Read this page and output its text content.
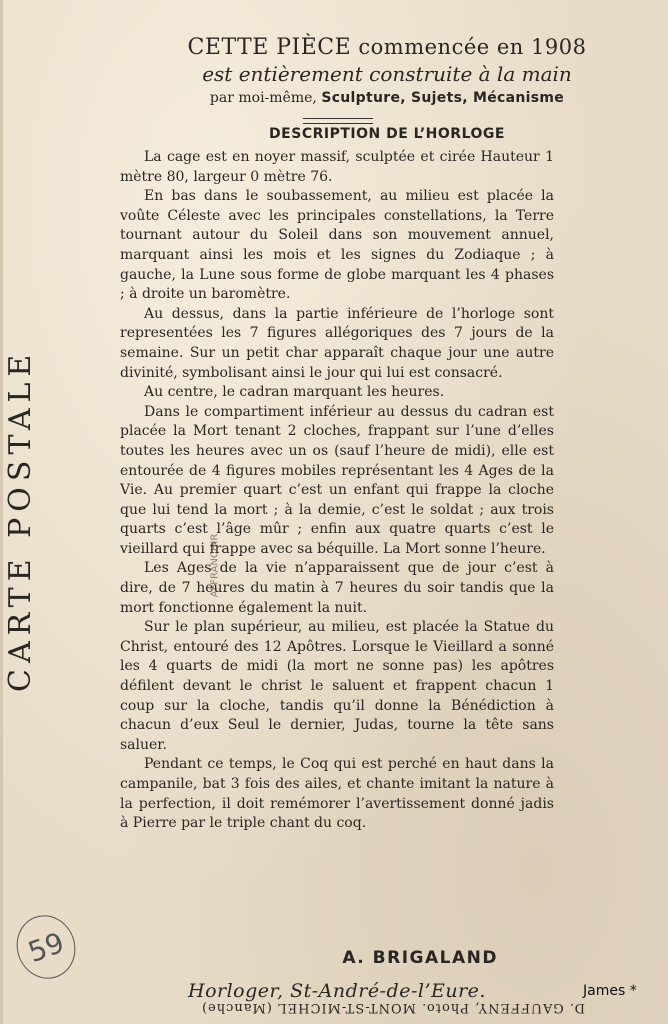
CETTE PIÈCE commencée en 1908
est entièrement construite à la main
par moi-même, Sculpture, Sujets, Mécanisme
DESCRIPTION DE L’HORLOGE

La cage est en noyer massif, sculptée et cirée Hauteur 1 mètre 80, largeur 0 mètre 76.

En bas dans le soubassement, au milieu est placée la voûte Céleste avec les principales constellations, la Terre tournant autour du Soleil dans son mouvement annuel, marquant ainsi les mois et les signes du Zodiaque ; à gauche, la Lune sous forme de globe marquant les 4 phases ; à droite un baromètre.

Au dessus, dans la partie inférieure de l’horloge sont representées les 7 figures allégoriques des 7 jours de la semaine. Sur un petit char apparaît chaque jour une autre divinité, symbolisant ainsi le jour qui lui est consacré.

Au centre, le cadran marquant les heures.

Dans le compartiment inférieur au dessus du cadran est placée la Mort tenant 2 cloches, frappant sur l’une d’elles toutes les heures avec un os (sauf l’heure de midi), elle est entourée de 4 figures mobiles représentant les 4 Ages de la Vie. Au premier quart c’est un enfant qui frappe la cloche que lui tend la mort ; à la demie, c’est le soldat ; aux trois quarts c’est l’âge mûr ; enfin aux quatre quarts c’est le vieillard qui frappe avec sa béquille. La Mort sonne l’heure.

Les Ages de la vie n’apparaissent que de jour c’est à dire, de 7 heures du matin à 7 heures du soir tandis que la mort fonctionne également la nuit.

Sur le plan supérieur, au milieu, est placée la Statue du Christ, entouré des 12 Apôtres. Lorsque le Vieillard a sonné les 4 quarts de midi (la mort ne sonne pas) les apôtres défilent devant le christ le saluent et frappent chacun 1 coup sur la cloche, tandis qu’il donne la Bénédiction à chacun d’eux Seul le dernier, Judas, tourne la tête sans saluer.

Pendant ce temps, le Coq qui est perché en haut dans la campanile, bat 3 fois des ailes, et chante imitant la nature à la perfection, il doit remémorer l’avertissement donné jadis à Pierre par le triple chant du coq.

A. BRIGALAND
Horloger, St-André-de-l’Eure.	James *
D. GAUFFENY, Photo. MONT-ST-MICHEL (Manche)
CARTE POSTALE	AFFRANCHIR
59
